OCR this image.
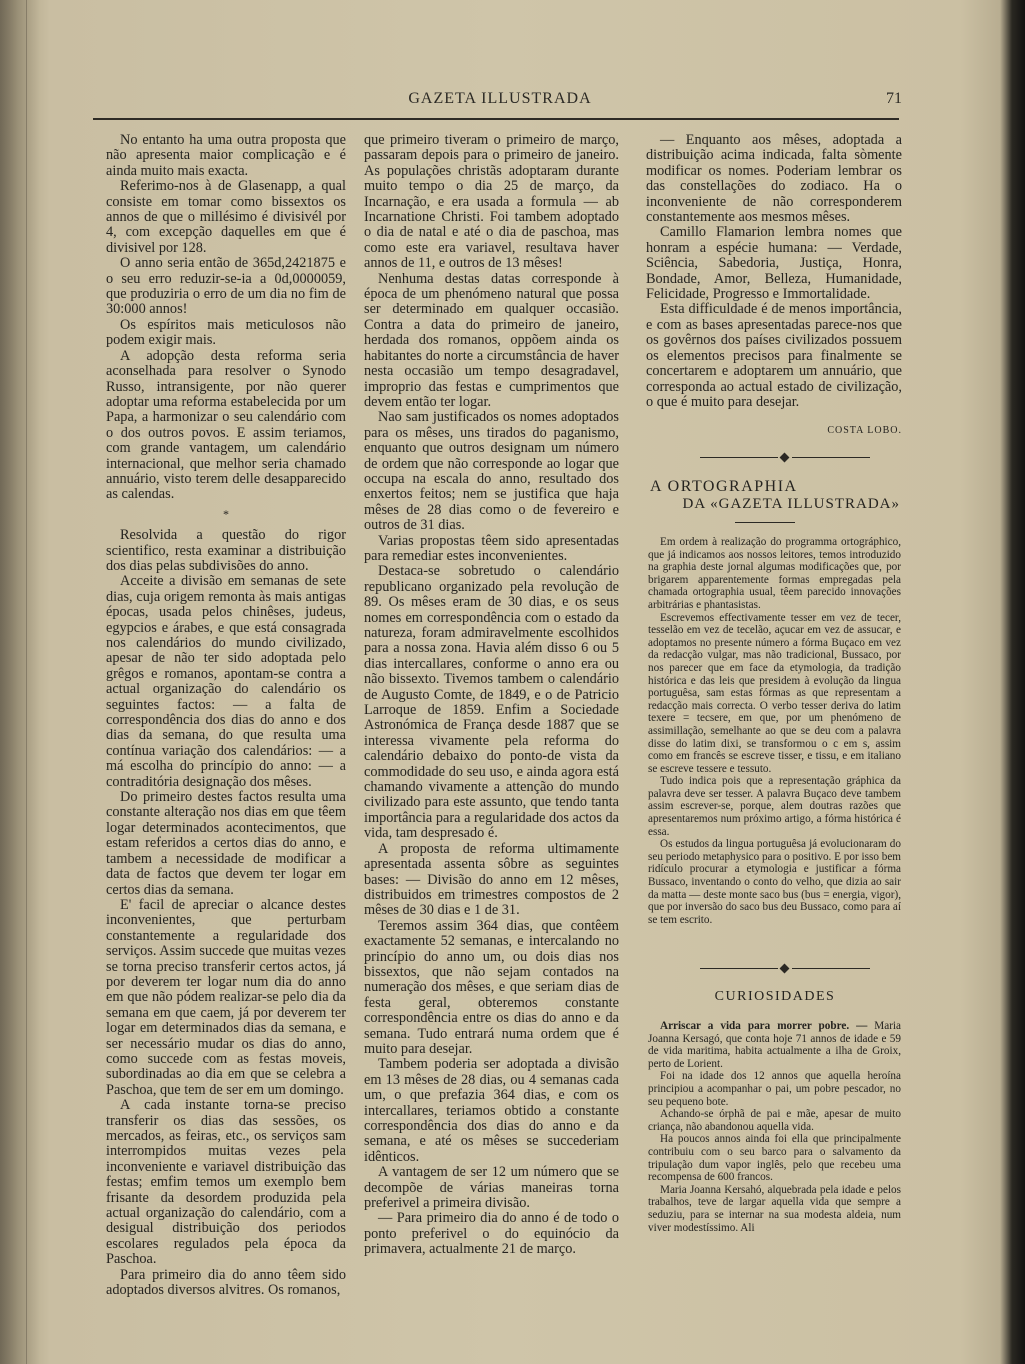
GAZETA ILLUSTRADA	71

No entanto ha uma outra proposta que não apresenta maior complicação e é ainda muito mais exacta.

Referimo-nos à de Glasenapp, a qual consiste em tomar como bissextos os annos de que o millésimo é divisivél por 4, com excepção daquelles em que é divisivel por 128.

O anno seria então de 365d,2421875 e o seu erro reduzir-se-ia a 0d,0000059, que produziria o erro de um dia no fim de 30:000 annos!

Os espíritos mais meticulosos não podem exigir mais.

A adopção desta reforma seria aconselhada para resolver o Synodo Russo, intransigente, por não querer adoptar uma reforma estabelecida por um Papa, a harmonizar o seu calendário com o dos outros povos. E assim teriamos, com grande vantagem, um calendário internacional, que melhor seria chamado annuário, visto terem delle desapparecido as calendas.

*

Resolvida a questão do rigor scientifico, resta examinar a distribuição dos dias pelas subdivisões do anno.

Acceite a divisão em semanas de sete dias, cuja origem remonta às mais antigas épocas, usada pelos chinêses, judeus, egypcios e árabes, e que está consagrada nos calendários do mundo civilizado, apesar de não ter sido adoptada pelo grêgos e romanos, apontam-se contra a actual organização do calendário os seguintes factos: — a falta de correspondência dos dias do anno e dos dias da semana, do que resulta uma contínua variação dos calendários: — a má escolha do princípio do anno: — a contraditória designação dos mêses.

Do primeiro destes factos resulta uma constante alteração nos dias em que têem logar determinados acontecimentos, que estam referidos a certos dias do anno, e tambem a necessidade de modificar a data de factos que devem ter logar em certos dias da semana.

E' facil de apreciar o alcance destes inconvenientes, que perturbam constantemente a regularidade dos serviços. Assim succede que muitas vezes se torna preciso transferir certos actos, já por deverem ter logar num dia do anno em que não pódem realizar-se pelo dia da semana em que caem, já por deverem ter logar em determinados dias da semana, e ser necessário mudar os dias do anno, como succede com as festas moveis, subordinadas ao dia em que se celebra a Paschoa, que tem de ser em um domingo.

A cada instante torna-se preciso transferir os dias das sessões, os mercados, as feiras, etc., os serviços sam interrompidos muitas vezes pela inconveniente e variavel distribuição das festas; emfim temos um exemplo bem frisante da desordem produzida pela actual organização do calendário, com a desigual distribuição dos periodos escolares regulados pela época da Paschoa.

Para primeiro dia do anno têem sido adoptados diversos alvitres. Os romanos,

que primeiro tiveram o primeiro de março, passaram depois para o primeiro de janeiro. As populações christãs adoptaram durante muito tempo o dia 25 de março, da Incarnação, e era usada a formula — ab Incarnatione Christi. Foi tambem adoptado o dia de natal e até o dia de paschoa, mas como este era variavel, resultava haver annos de 11, e outros de 13 mêses!

Nenhuma destas datas corresponde à época de um phenómeno natural que possa ser determinado em qualquer occasião. Contra a data do primeiro de janeiro, herdada dos romanos, oppõem ainda os habitantes do norte a circumstância de haver nesta occasião um tempo desagradavel, improprio das festas e cumprimentos que devem então ter logar.

Nao sam justificados os nomes adoptados para os mêses, uns tirados do paganismo, enquanto que outros designam um número de ordem que não corresponde ao logar que occupa na escala do anno, resultado dos enxertos feitos; nem se justifica que haja mêses de 28 dias como o de fevereiro e outros de 31 dias.

Varias propostas têem sido apresentadas para remediar estes inconvenientes.

Destaca-se sobretudo o calendário republicano organizado pela revolução de 89. Os mêses eram de 30 dias, e os seus nomes em correspondência com o estado da natureza, foram admiravelmente escolhidos para a nossa zona. Havia além disso 6 ou 5 dias intercallares, conforme o anno era ou não bissexto. Tivemos tambem o calendário de Augusto Comte, de 1849, e o de Patricio Larroque de 1859. Enfim a Sociedade Astronómica de França desde 1887 que se interessa vivamente pela reforma do calendário debaixo do ponto-de vista da commodidade do seu uso, e ainda agora está chamando vivamente a attenção do mundo civilizado para este assunto, que tendo tanta importância para a regularidade dos actos da vida, tam despresado é.

A proposta de reforma ultimamente apresentada assenta sôbre as seguintes bases: — Divisão do anno em 12 mêses, distribuidos em trimestres compostos de 2 mêses de 30 dias e 1 de 31.

Teremos assim 364 dias, que contêem exactamente 52 semanas, e intercalando no princípio do anno um, ou dois dias nos bissextos, que não sejam contados na numeração dos mêses, e que seriam dias de festa geral, obteremos constante correspondência entre os dias do anno e da semana. Tudo entrará numa ordem que é muito para desejar.

Tambem poderia ser adoptada a divisão em 13 mêses de 28 dias, ou 4 semanas cada um, o que prefazia 364 dias, e com os intercallares, teriamos obtido a constante correspondência dos dias do anno e da semana, e até os mêses se succederiam idênticos.

A vantagem de ser 12 um número que se decompõe de várias maneiras torna preferivel a primeira divisão.

— Para primeiro dia do anno é de todo o ponto preferivel o do equinócio da primavera, actualmente 21 de março.

— Enquanto aos mêses, adoptada a distribuição acima indicada, falta sòmente modificar os nomes. Poderiam lembrar os das constellações do zodiaco. Ha o inconveniente de não corresponderem constantemente aos mesmos mêses.

Camillo Flamarion lembra nomes que honram a espécie humana: — Verdade, Sciência, Sabedoria, Justiça, Honra, Bondade, Amor, Belleza, Humanidade, Felicidade, Progresso e Immortalidade.

Esta difficuldade é de menos importância, e com as bases apresentadas parece-nos que os govêrnos dos países civilizados possuem os elementos precisos para finalmente se concertarem e adoptarem um annuário, que corresponda ao actual estado de civilização, o que é muito para desejar.

COSTA LOBO.
A ORTOGRAPHIA
DA «GAZETA ILLUSTRADA»

Em ordem à realização do programma ortográphico, que já indicamos aos nossos leitores, temos introduzido na graphia deste jornal algumas modificações que, por brigarem apparentemente formas empregadas pela chamada ortographia usual, têem parecido innovações arbitrárias e phantasistas.

Escrevemos effectivamente tesser em vez de tecer, tesselão em vez de tecelão, açucar em vez de assucar, e adoptamos no presente número a fórma Buçaco em vez da redacção vulgar, mas não tradicional, Bussaco, por nos parecer que em face da etymologia, da tradição histórica e das leis que presidem à evolução da lingua portuguêsa, sam estas fórmas as que representam a redacção mais correcta. O verbo tesser deriva do latim texere = tecsere, em que, por um phenómeno de assimillação, semelhante ao que se deu com a palavra disse do latim dixi, se transformou o c em s, assim como em francês se escreve tisser, e tissu, e em italiano se escreve tessere e tessuto.

Tudo indica pois que a representação gráphica da palavra deve ser tesser. A palavra Buçaco deve tambem assim escrever-se, porque, alem doutras razões que apresentaremos num próximo artigo, a fórma histórica é essa.

Os estudos da lingua portuguêsa já evolucionaram do seu periodo metaphysico para o positivo. E por isso bem ridículo procurar a etymologia e justificar a fórma Bussaco, inventando o conto do velho, que dizia ao sair da matta — deste monte saco bus (bus = energia, vigor), que por inversão do saco bus deu Bussaco, como para aí se tem escrito.

CURIOSIDADES

Arriscar a vida para morrer pobre. — Maria Joanna Kersagó, que conta hoje 71 annos de idade e 59 de vida maritima, habita actualmente a ilha de Groix, perto de Lorient.

Foi na idade dos 12 annos que aquella heroína principiou a acompanhar o pai, um pobre pescador, no seu pequeno bote.

Achando-se órphã de pai e mãe, apesar de muito criança, não abandonou aquella vida.

Ha poucos annos ainda foi ella que principalmente contribuiu com o seu barco para o salvamento da tripulação dum vapor inglês, pelo que recebeu uma recompensa de 600 francos.

Maria Joanna Kersahó, alquebrada pela idade e pelos trabalhos, teve de largar aquella vida que sempre a seduziu, para se internar na sua modesta aldeia, num viver modestíssimo. Ali
